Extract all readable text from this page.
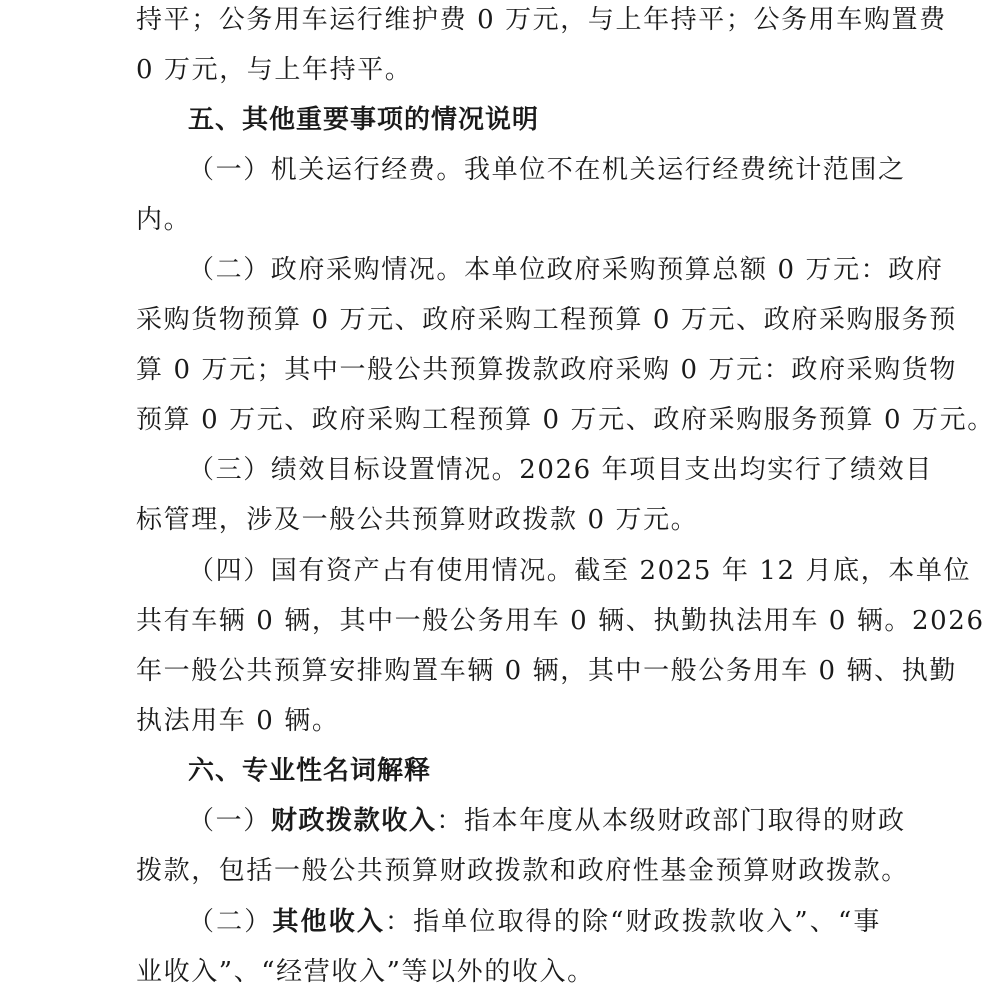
持平；公务用车运行维护费 0 万元，与上年持平；公务用车购置费
0 万元，与上年持平。
五、其他重要事项的情况说明
（一）机关运行经费。我单位不在机关运行经费统计范围之
内。
（二）政府采购情况。本单位政府采购预算总额 0 万元：政府
采购货物预算 0 万元、政府采购工程预算 0 万元、政府采购服务预
算 0 万元；其中一般公共预算拨款政府采购 0 万元：政府采购货物
预算 0 万元、政府采购工程预算 0 万元、政府采购服务预算 0 万元。
（三）绩效目标设置情况。2026 年项目支出均实行了绩效目
标管理，涉及一般公共预算财政拨款 0 万元。
（四）国有资产占有使用情况。截至 2025 年 12 月底，本单位
共有车辆 0 辆，其中一般公务用车 0 辆、执勤执法用车 0 辆。2026
年一般公共预算安排购置车辆 0 辆，其中一般公务用车 0 辆、执勤
执法用车 0 辆。
六、专业性名词解释
（一）财政拨款收入：指本年度从本级财政部门取得的财政
拨款，包括一般公共预算财政拨款和政府性基金预算财政拨款。
（二）其他收入：指单位取得的除“财政拨款收入”、“事
业收入”、“经营收入”等以外的收入。
